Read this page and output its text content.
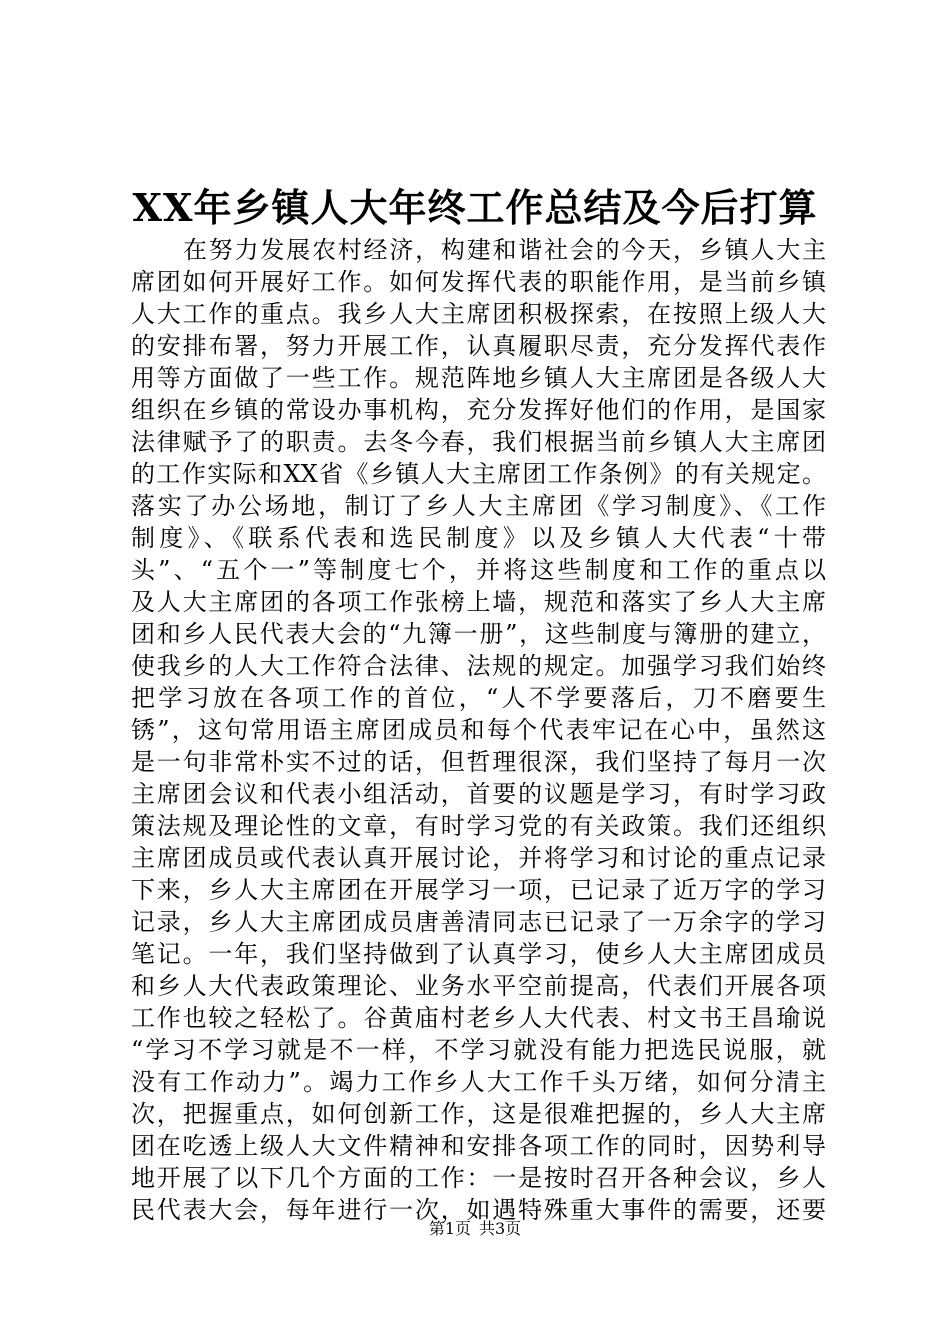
XX年乡镇人大年终工作总结及今后打算
在努力发展农村经济，构建和谐社会的今天，乡镇人大主
席团如何开展好工作。如何发挥代表的职能作用，是当前乡镇
人大工作的重点。我乡人大主席团积极探索，在按照上级人大
的安排布署，努力开展工作，认真履职尽责，充分发挥代表作
用等方面做了一些工作。规范阵地乡镇人大主席团是各级人大
组织在乡镇的常设办事机构，充分发挥好他们的作用，是国家
法律赋予了的职责。去冬今春，我们根据当前乡镇人大主席团
的工作实际和XX省《乡镇人大主席团工作条例》的有关规定。
落实了办公场地，制订了乡人大主席团《学习制度》、《工作
制度》、《联系代表和选民制度》以及乡镇人大代表“十带
头”、“五个一”等制度七个，并将这些制度和工作的重点以
及人大主席团的各项工作张榜上墙，规范和落实了乡人大主席
团和乡人民代表大会的“九簿一册”，这些制度与簿册的建立，
使我乡的人大工作符合法律、法规的规定。加强学习我们始终
把学习放在各项工作的首位，“人不学要落后，刀不磨要生
锈”，这句常用语主席团成员和每个代表牢记在心中，虽然这
是一句非常朴实不过的话，但哲理很深，我们坚持了每月一次
主席团会议和代表小组活动，首要的议题是学习，有时学习政
策法规及理论性的文章，有时学习党的有关政策。我们还组织
主席团成员或代表认真开展讨论，并将学习和讨论的重点记录
下来，乡人大主席团在开展学习一项，已记录了近万字的学习
记录，乡人大主席团成员唐善清同志已记录了一万余字的学习
笔记。一年，我们坚持做到了认真学习，使乡人大主席团成员
和乡人大代表政策理论、业务水平空前提高，代表们开展各项
工作也较之轻松了。谷黄庙村老乡人大代表、村文书王昌瑜说
“学习不学习就是不一样，不学习就没有能力把选民说服，就
没有工作动力”。竭力工作乡人大工作千头万绪，如何分清主
次，把握重点，如何创新工作，这是很难把握的，乡人大主席
团在吃透上级人大文件精神和安排各项工作的同时，因势利导
地开展了以下几个方面的工作：一是按时召开各种会议，乡人
民代表大会，每年进行一次，如遇特殊重大事件的需要，还要
第1页 共3页
